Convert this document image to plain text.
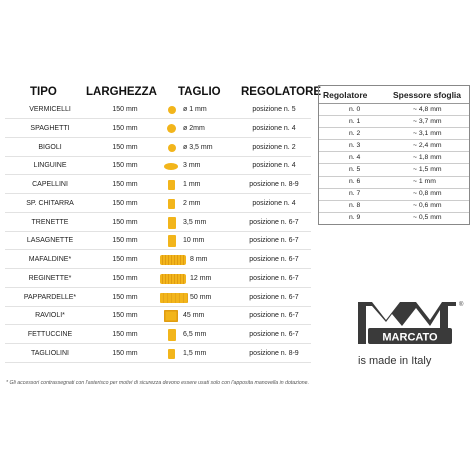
TIPO	LARGHEZZA TAGLIO REGOLATORE
VERMICELLI	150 mm	ø 1 mm	posizione n. 5
SPAGHETTI	150 mm	ø 2mm	posizione n. 4
BIGOLI	150 mm	ø 3,5 mm	posizione n. 2
LINGUINE	150 mm	3 mm	posizione n. 4
CAPELLINI	150 mm	1 mm	posizione n. 8-9
SP. CHITARRA	150 mm	2 mm	posizione n. 4
TRENETTE	150 mm	3,5 mm	posizione n. 6-7
LASAGNETTE	150 mm	10 mm	posizione n. 6-7
MAFALDINE*	150 mm	8 mm	posizione n. 6-7
REGINETTE*	150 mm	12 mm	posizione n. 6-7
PAPPARDELLE*	150 mm	50 mm	posizione n. 6-7
RAVIOLI*	150 mm	45 mm	posizione n. 6-7
FETTUCCINE	150 mm	6,5 mm	posizione n. 6-7
TAGLIOLINI	150 mm	1,5 mm	posizione n. 8-9
Regolatore	Spessore sfoglia
n. 0	~ 4,8 mm
n. 1	~ 3,7 mm
n. 2	~ 3,1 mm
n. 3	~ 2,4 mm
n. 4	~ 1,8 mm
n. 5	~ 1,5 mm
n. 6	~ 1 mm
n. 7	~ 0,8 mm
n. 8	~ 0,6 mm
n. 9	~ 0,5 mm
MARCATO
®
is made in Italy
* Gli accessori contrassegnati con l'asterisco per motivi di sicurezza devono essere usati solo con l'apposita manovella in dotazione.
